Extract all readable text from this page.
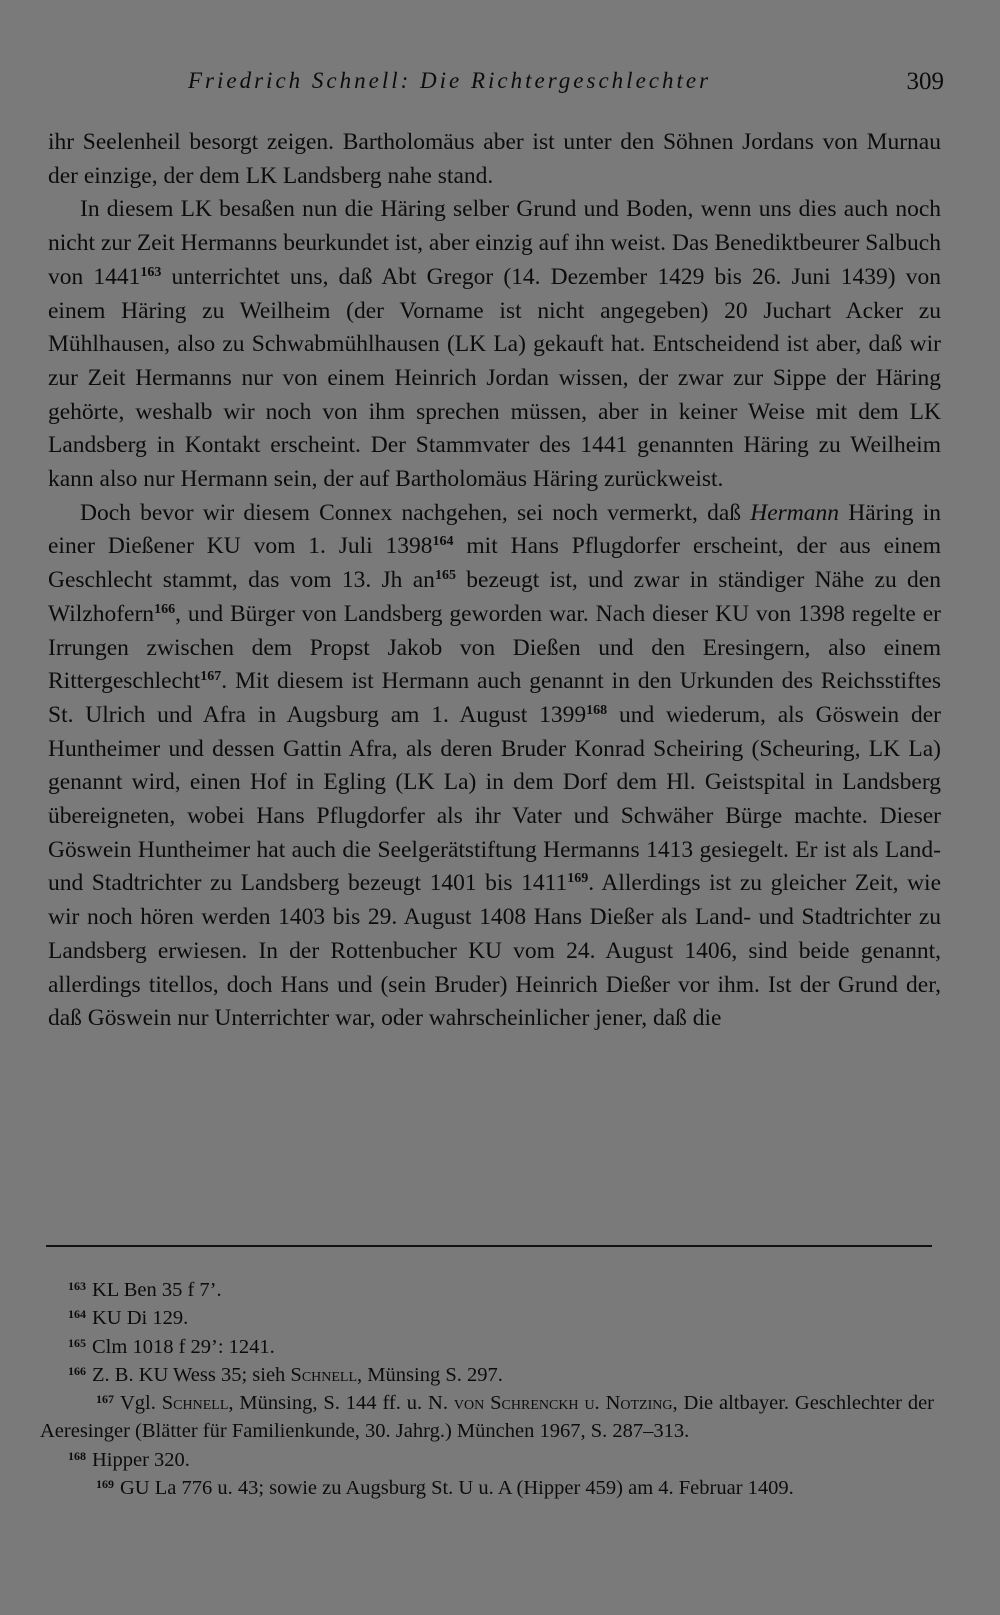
Friedrich Schnell: Die Richtergeschlechter	309

ihr Seelenheil besorgt zeigen. Bartholomäus aber ist unter den Söhnen Jordans von Murnau der einzige, der dem LK Landsberg nahe stand.

In diesem LK besaßen nun die Häring selber Grund und Boden, wenn uns dies auch noch nicht zur Zeit Hermanns beurkundet ist, aber einzig auf ihn weist. Das Benediktbeurer Salbuch von 1441$^{163}$ unterrichtet uns, daß Abt Gregor (14. Dezember 1429 bis 26. Juni 1439) von einem Häring zu Weilheim (der Vorname ist nicht angegeben) 20 Juchart Acker zu Mühlhausen, also zu Schwabmühlhausen (LK La) gekauft hat. Entscheidend ist aber, daß wir zur Zeit Hermanns nur von einem Heinrich Jordan wissen, der zwar zur Sippe der Häring gehörte, weshalb wir noch von ihm sprechen müssen, aber in keiner Weise mit dem LK Landsberg in Kontakt erscheint. Der Stammvater des 1441 genannten Häring zu Weilheim kann also nur Hermann sein, der auf Bartholomäus Häring zurückweist.

Doch bevor wir diesem Connex nachgehen, sei noch vermerkt, daß Hermann Häring in einer Dießener KU vom 1. Juli 1398$^{164}$ mit Hans Pflugdorfer erscheint, der aus einem Geschlecht stammt, das vom 13. Jh $an^{165}$ bezeugt ist, und zwar in ständiger Nähe zu den Wilzhofern$^{166}$, und Bürger von Landsberg geworden war. Nach dieser KU von 1398 regelte er Irrungen zwischen dem Propst Jakob von Dießen und den Eresingern, also einem Rittergeschlecht$^{167}$. Mit diesem ist Hermann auch genannt in den Urkunden des Reichsstiftes St. Ulrich und Afra in Augsburg am 1. August 1399$^{168}$ und wiederum, als Göswein der Huntheimer und dessen Gattin Afra, als deren Bruder Konrad Scheiring (Scheuring, LK La) genannt wird, einen Hof in Egling (LK La) in dem Dorf dem Hl. Geistspital in Landsberg übereigneten, wobei Hans Pflugdorfer als ihr Vater und Schwäher Bürge machte. Dieser Göswein Huntheimer hat auch die Seelgerätstiftung Hermanns 1413 gesiegelt. Er ist als Land- und Stadtrichter zu Landsberg bezeugt 1401 bis 1411$^{169}$. Allerdings ist zu gleicher Zeit, wie wir noch hören werden 1403 bis 29. August 1408 Hans Dießer als Land- und Stadtrichter zu Landsberg erwiesen. In der Rottenbucher KU vom 24. August 1406, sind beide genannt, allerdings titellos, doch Hans und (sein Bruder) Heinrich Dießer vor ihm. Ist der Grund der, daß Göswein nur Unterrichter war, oder wahrscheinlicher jener, daß die

163 KL Ben 35 f 7’.

164 KU Di 129.

165 Clm 1018 f 29’: 1241.

166 Z. B. KU Wess 35; sieh Schnell, Münsing S. 297.

167 Vgl. Schnell, Münsing, S. 144 ff. u. N. von Schrenckh u. Notzing, Die altbayer. Geschlechter der Aeresinger (Blätter für Familienkunde, 30. Jahrg.) München 1967, S. 287–313.

168 Hipper 320.

169 GU La 776 u. 43; sowie zu Augsburg St. U u. A (Hipper 459) am 4. Februar 1409.
